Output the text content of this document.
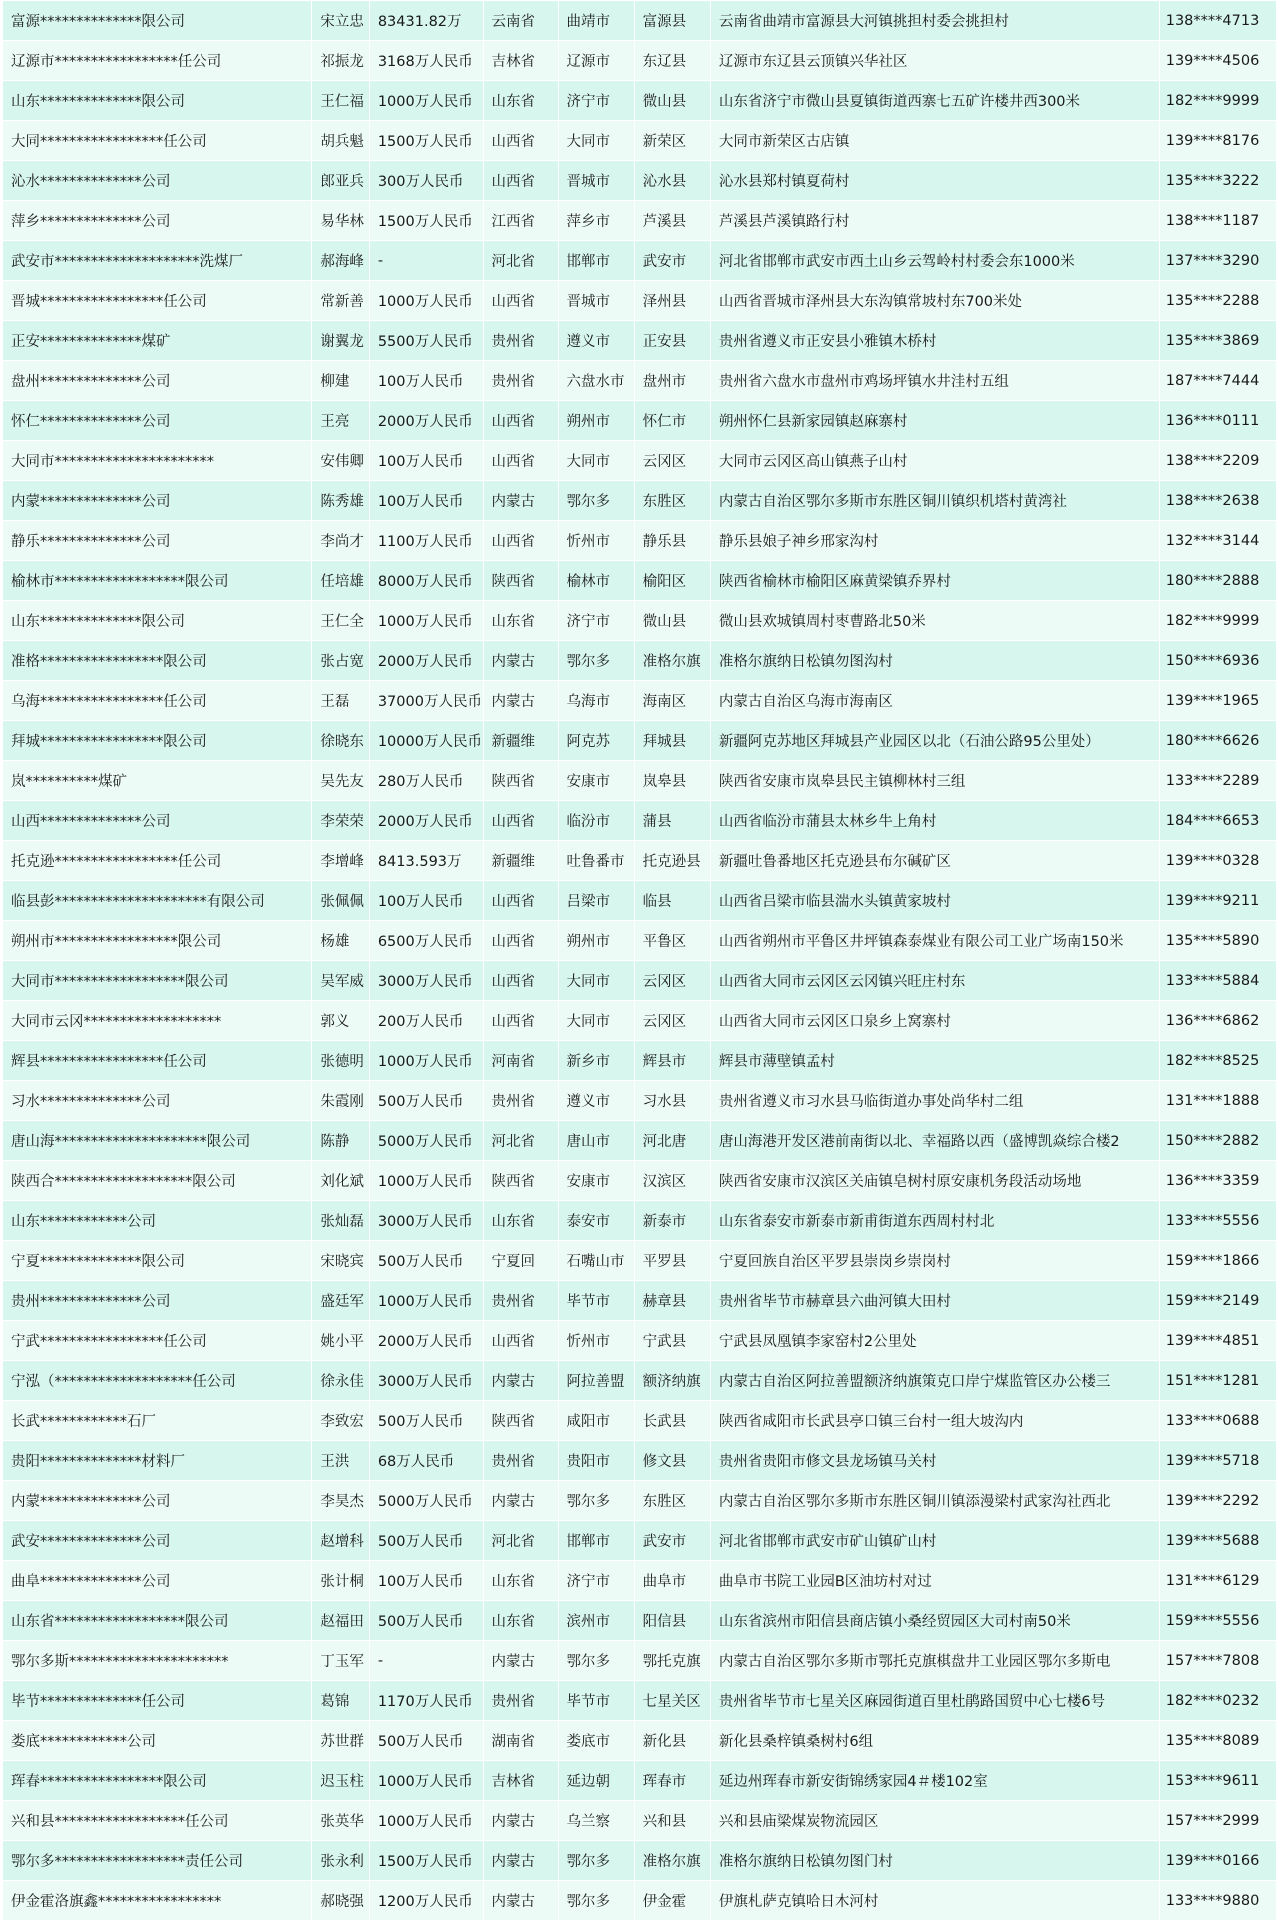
富源**************限公司	宋立忠	83431.82万	云南省	曲靖市	富源县	云南省曲靖市富源县大河镇挑担村委会挑担村	138****4713
辽源市*****************任公司	祁振龙	3168万人民币	吉林省	辽源市	东辽县	辽源市东辽县云顶镇兴华社区	139****4506
山东**************限公司	王仁福	1000万人民币	山东省	济宁市	微山县	山东省济宁市微山县夏镇街道西寨七五矿许楼井西300米	182****9999
大同*****************任公司	胡兵魁	1500万人民币	山西省	大同市	新荣区	大同市新荣区古店镇	139****8176
沁水**************公司	郎亚兵	300万人民币	山西省	晋城市	沁水县	沁水县郑村镇夏荷村	135****3222
萍乡**************公司	易华林	1500万人民币	江西省	萍乡市	芦溪县	芦溪县芦溪镇路行村	138****1187
武安市********************洗煤厂	郝海峰	-	河北省	邯郸市	武安市	河北省邯郸市武安市西土山乡云驾岭村村委会东1000米	137****3290
晋城*****************任公司	常新善	1000万人民币	山西省	晋城市	泽州县	山西省晋城市泽州县大东沟镇常坡村东700米处	135****2288
正安**************煤矿	谢翼龙	5500万人民币	贵州省	遵义市	正安县	贵州省遵义市正安县小雅镇木桥村	135****3869
盘州**************公司	柳建	100万人民币	贵州省	六盘水市	盘州市	贵州省六盘水市盘州市鸡场坪镇水井洼村五组	187****7444
怀仁**************公司	王亮	2000万人民币	山西省	朔州市	怀仁市	朔州怀仁县新家园镇赵麻寨村	136****0111
大同市**********************	安伟卿	100万人民币	山西省	大同市	云冈区	大同市云冈区高山镇燕子山村	138****2209
内蒙**************公司	陈秀雄	100万人民币	内蒙古	鄂尔多	东胜区	内蒙古自治区鄂尔多斯市东胜区铜川镇织机塔村黄湾社	138****2638
静乐**************公司	李尚才	1100万人民币	山西省	忻州市	静乐县	静乐县娘子神乡邢家沟村	132****3144
榆林市******************限公司	任培雄	8000万人民币	陕西省	榆林市	榆阳区	陕西省榆林市榆阳区麻黄梁镇乔界村	180****2888
山东**************限公司	王仁全	1000万人民币	山东省	济宁市	微山县	微山县欢城镇周村枣曹路北50米	182****9999
准格*****************限公司	张占宽	2000万人民币	内蒙古	鄂尔多	准格尔旗	准格尔旗纳日松镇勿图沟村	150****6936
乌海*****************任公司	王磊	37000万人民币	内蒙古	乌海市	海南区	内蒙古自治区乌海市海南区	139****1965
拜城*****************限公司	徐晓东	10000万人民币	新疆维	阿克苏	拜城县	新疆阿克苏地区拜城县产业园区以北（石油公路95公里处）	180****6626
岚**********煤矿	吴先友	280万人民币	陕西省	安康市	岚皋县	陕西省安康市岚皋县民主镇柳林村三组	133****2289
山西**************公司	李荣荣	2000万人民币	山西省	临汾市	蒲县	山西省临汾市蒲县太林乡牛上角村	184****6653
托克逊*****************任公司	李增峰	8413.593万	新疆维	吐鲁番市	托克逊县	新疆吐鲁番地区托克逊县布尔碱矿区	139****0328
临县彭*********************有限公司	张佩佩	100万人民币	山西省	吕梁市	临县	山西省吕梁市临县湍水头镇黄家坡村	139****9211
朔州市*****************限公司	杨雄	6500万人民币	山西省	朔州市	平鲁区	山西省朔州市平鲁区井坪镇森泰煤业有限公司工业广场南150米	135****5890
大同市******************限公司	吴军威	3000万人民币	山西省	大同市	云冈区	山西省大同市云冈区云冈镇兴旺庄村东	133****5884
大同市云冈*******************	郭义	200万人民币	山西省	大同市	云冈区	山西省大同市云冈区口泉乡上窝寨村	136****6862
辉县*****************任公司	张德明	1000万人民币	河南省	新乡市	辉县市	辉县市薄壁镇孟村	182****8525
习水**************公司	朱霞刚	500万人民币	贵州省	遵义市	习水县	贵州省遵义市习水县马临街道办事处尚华村二组	131****1888
唐山海*********************限公司	陈静	5000万人民币	河北省	唐山市	河北唐	唐山海港开发区港前南街以北、幸福路以西（盛博凯焱综合楼2	150****2882
陕西合*******************限公司	刘化斌	1000万人民币	陕西省	安康市	汉滨区	陕西省安康市汉滨区关庙镇皂树村原安康机务段活动场地	136****3359
山东************公司	张灿磊	3000万人民币	山东省	泰安市	新泰市	山东省泰安市新泰市新甫街道东西周村村北	133****5556
宁夏**************限公司	宋晓宾	500万人民币	宁夏回	石嘴山市	平罗县	宁夏回族自治区平罗县崇岗乡崇岗村	159****1866
贵州**************公司	盛廷军	1000万人民币	贵州省	毕节市	赫章县	贵州省毕节市赫章县六曲河镇大田村	159****2149
宁武*****************任公司	姚小平	2000万人民币	山西省	忻州市	宁武县	宁武县凤凰镇李家窑村2公里处	139****4851
宁泓（*******************任公司	徐永佳	3000万人民币	内蒙古	阿拉善盟	额济纳旗	内蒙古自治区阿拉善盟额济纳旗策克口岸宁煤监管区办公楼三	151****1281
长武************石厂	李致宏	500万人民币	陕西省	咸阳市	长武县	陕西省咸阳市长武县亭口镇三台村一组大坡沟内	133****0688
贵阳**************材料厂	王洪	68万人民币	贵州省	贵阳市	修文县	贵州省贵阳市修文县龙场镇马关村	139****5718
内蒙**************公司	李昊杰	5000万人民币	内蒙古	鄂尔多	东胜区	内蒙古自治区鄂尔多斯市东胜区铜川镇添漫梁村武家沟社西北	139****2292
武安**************公司	赵增科	500万人民币	河北省	邯郸市	武安市	河北省邯郸市武安市矿山镇矿山村	139****5688
曲阜**************公司	张计桐	100万人民币	山东省	济宁市	曲阜市	曲阜市书院工业园B区油坊村对过	131****6129
山东省******************限公司	赵福田	500万人民币	山东省	滨州市	阳信县	山东省滨州市阳信县商店镇小桑经贸园区大司村南50米	159****5556
鄂尔多斯**********************	丁玉军	-	内蒙古	鄂尔多	鄂托克旗	内蒙古自治区鄂尔多斯市鄂托克旗棋盘井工业园区鄂尔多斯电	157****7808
毕节**************任公司	葛锦	1170万人民币	贵州省	毕节市	七星关区	贵州省毕节市七星关区麻园街道百里杜鹃路国贸中心七楼6号	182****0232
娄底************公司	苏世群	500万人民币	湖南省	娄底市	新化县	新化县桑梓镇桑树村6组	135****8089
珲春*****************限公司	迟玉柱	1000万人民币	吉林省	延边朝	珲春市	延边州珲春市新安街锦绣家园4＃楼102室	153****9611
兴和县******************任公司	张英华	1000万人民币	内蒙古	乌兰察	兴和县	兴和县庙梁煤炭物流园区	157****2999
鄂尔多******************责任公司	张永利	1500万人民币	内蒙古	鄂尔多	准格尔旗	准格尔旗纳日松镇勿图门村	139****0166
伊金霍洛旗鑫*****************	郝晓强	1200万人民币	内蒙古	鄂尔多	伊金霍	伊旗札萨克镇哈日木河村	133****9880
